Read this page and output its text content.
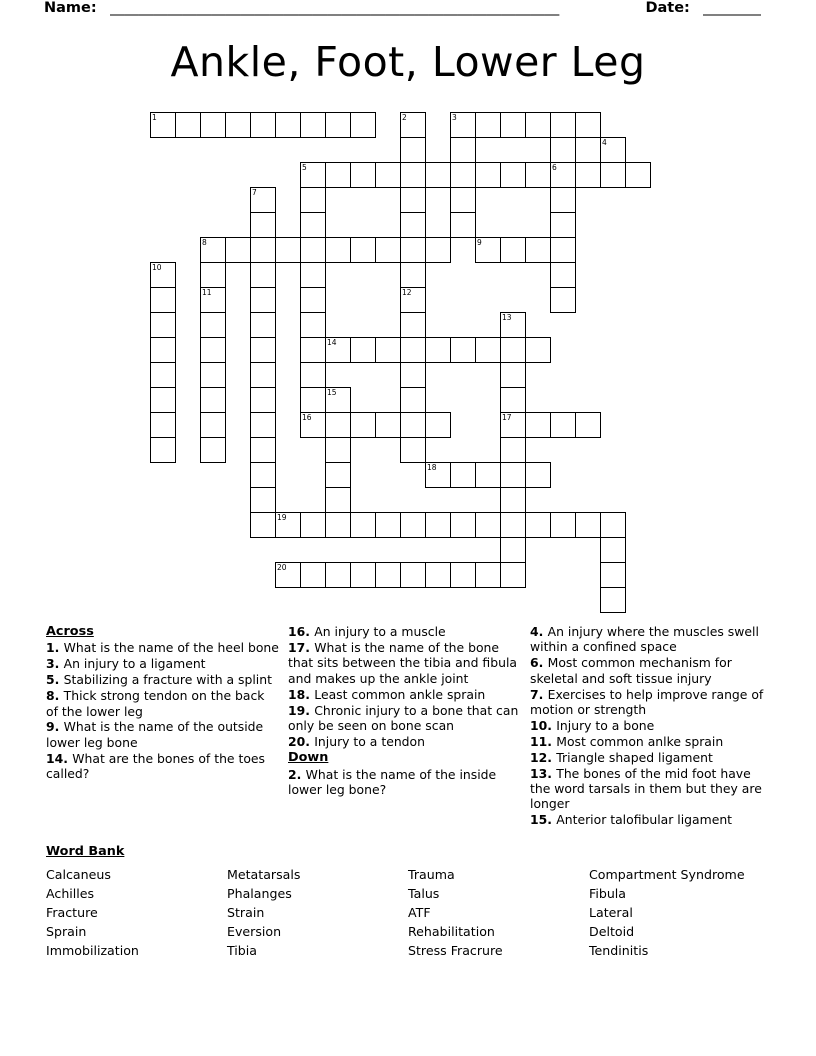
Name: ______________________________________________________________	Date: ________
Ankle, Foot, Lower Leg
1	2	3
4
5	6
7
8	9
10
11	12
13
14
15
16	17
18
19
20
Across
1. What is the name of the heel bone
3. An injury to a ligament
5. Stabilizing a fracture with a splint
8. Thick strong tendon on the back of the lower leg
9. What is the name of the outside lower leg bone
14. What are the bones of the toes called?
16. An injury to a muscle
17. What is the name of the bone that sits between the tibia and fibula and makes up the ankle joint
18. Least common ankle sprain
19. Chronic injury to a bone that can only be seen on bone scan
20. Injury to a tendon
Down
2. What is the name of the inside lower leg bone?
4. An injury where the muscles swell within a confined space
6. Most common mechanism for skeletal and soft tissue injury
7. Exercises to help improve range of motion or strength
10. Injury to a bone
11. Most common anlke sprain
12. Triangle shaped ligament
13. The bones of the mid foot have the word tarsals in them but they are longer
15. Anterior talofibular ligament
Word Bank
Calcaneus
Achilles
Fracture
Sprain
Immobilization
Metatarsals
Phalanges
Strain
Eversion
Tibia
Trauma
Talus
ATF
Rehabilitation
Stress Fracrure
Compartment Syndrome
Fibula
Lateral
Deltoid
Tendinitis
